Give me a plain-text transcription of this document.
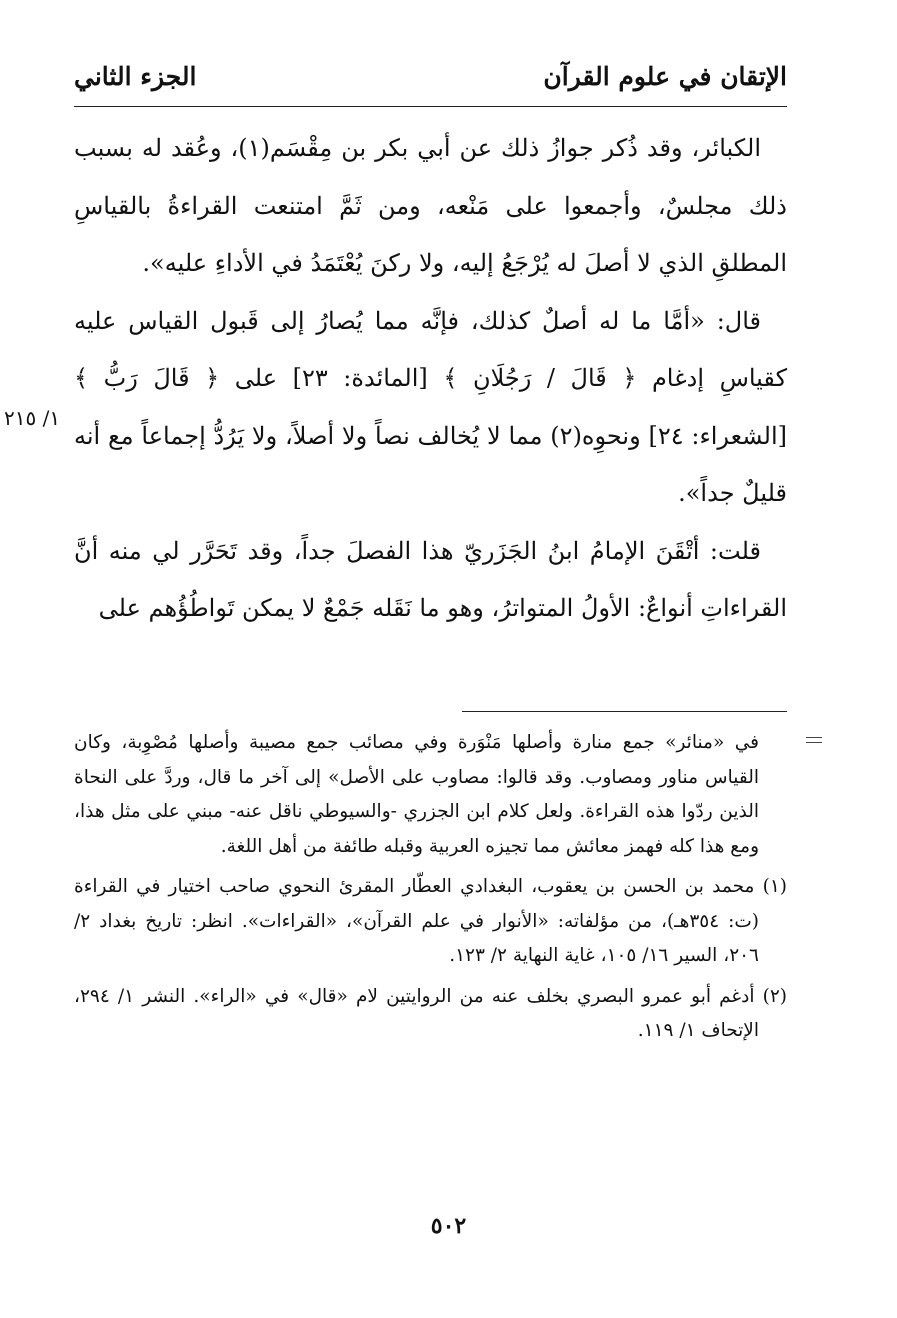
الإتقان في علوم القرآن
الجزء الثاني

الكبائر، وقد ذُكر جوازُ ذلك عن أبي بكر بن مِقْسَم(١)، وعُقد له بسبب ذلك مجلسٌ، وأجمعوا على مَنْعه، ومن ثَمَّ امتنعت القراءةُ بالقياسِ المطلقِ الذي لا أصلَ له يُرْجَعُ إليه، ولا ركنَ يُعْتَمَدُ في الأداءِ عليه».

قال: «أمَّا ما له أصلٌ كذلك، فإنَّه مما يُصارُ إلى قَبول القياس عليه كقياسِ إدغام ﴿ قَالَ / رَجُلَانِ ﴾ [المائدة: ٢٣] على ﴿ قَالَ رَبُّ ﴾ [الشعراء: ٢٤] ونحوِه(٢) مما لا يُخالف نصاً ولا أصلاً، ولا يَرُدُّ إجماعاً مع أنه قليلٌ جداً».

قلت: أتْقَنَ الإمامُ ابنُ الجَزَريّ هذا الفصلَ جداً، وقد تَحَرَّر لي منه أنَّ القراءاتِ أنواعٌ: الأولُ المتواترُ، وهو ما نَقَله جَمْعٌ لا يمكن تَواطُؤُهم على

١/ ٢١٥

في «منائر» جمع منارة وأصلها مَنْوَرة وفي مصائب جمع مصيبة وأصلها مُصْوِبة، وكان القياس مناور ومصاوب. وقد قالوا: مصاوب على الأصل» إلى آخر ما قال، وردَّ على النحاة الذين ردّوا هذه القراءة. ولعل كلام ابن الجزري -والسيوطي ناقل عنه- مبني على مثل هذا، ومع هذا كله فهمز معائش مما تجيزه العربية وقبله طائفة من أهل اللغة.

(١) محمد بن الحسن بن يعقوب، البغدادي العطّار المقرئ النحوي صاحب اختيار في القراءة (ت: ٣٥٤هـ)، من مؤلفاته: «الأنوار في علم القرآن»، «القراءات». انظر: تاريخ بغداد ٢/ ٢٠٦، السير ١٦/ ١٠٥، غاية النهاية ٢/ ١٢٣.

(٢) أدغم أبو عمرو البصري بخلف عنه من الروايتين لام «قال» في «الراء». النشر ١/ ٢٩٤، الإتحاف ١/ ١١٩.

٥٠٢
